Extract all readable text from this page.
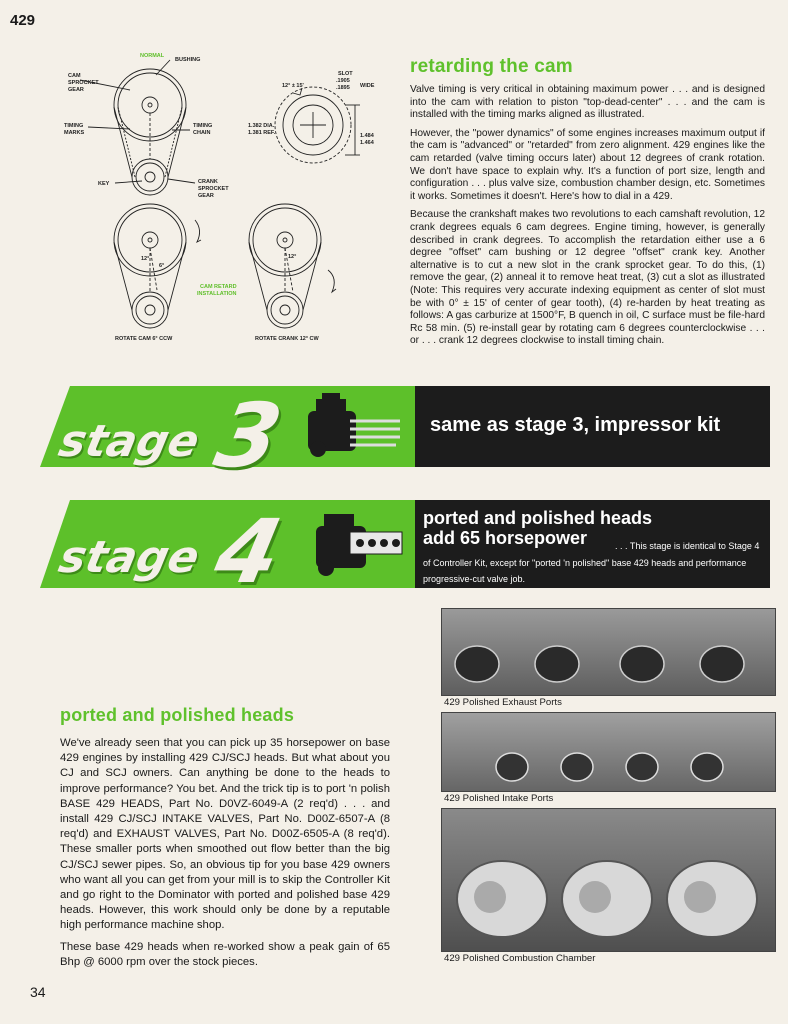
429
34
NORMAL
BUSHING
CAM
SPROCKET
GEAR
TIMING
MARKS
TIMING
CHAIN
KEY	CRANK
SPROCKET
GEAR
SLOT
.1905
.1895 WIDE
12° ± 15'
1.382 DIA.
1.381 REF.	1.484
1.464
CAM RETARD
INSTALLATION
12°
6°
12°
ROTATE CAM 6° CCW	ROTATE CRANK 12° CW
retarding the cam

Valve timing is very critical in obtaining maximum power . . . and is designed into the cam with relation to piston "top-dead-center" . . . and the cam is installed with the timing marks aligned as illustrated.

However, the "power dynamics" of some engines increases maximum output if the cam is "advanced" or "retarded" from zero alignment. 429 engines like the cam retarded (valve timing occurs later) about 12 degrees of crank rotation. We don't have space to explain why. It's a function of port size, length and configuration . . . plus valve size, combustion chamber design, etc. Sometimes it works. Sometimes it doesn't. Here's how to dial in a 429.

Because the crankshaft makes two revolutions to each camshaft revolution, 12 crank degrees equals 6 cam degrees. Engine timing, however, is generally described in crank degrees. To accomplish the retardation either use a 6 degree "offset" cam bushing or 12 degree "offset" crank key. Another alternative is to cut a new slot in the crank sprocket gear. To do this, (1) remove the gear, (2) anneal it to remove heat treat, (3) cut a slot as illustrated (Note: This requires very accurate indexing equipment as center of slot must be with 0° ± 15' of center of gear tooth), (4) re-harden by heat treating as follows: A gas carburize at 1500°F, B quench in oil, C surface must be file-hard Rc 58 min. (5) re-install gear by rotating cam 6 degrees counterclockwise . . . or . . . crank 12 degrees clockwise to install timing chain.

same as stage 3, impressor kit
stage 3
ported and polished heads
add 65 horsepower	. . . This stage is identical to Stage 4 of Controller Kit, except for "ported 'n polished" base 429 heads and performance progressive-cut valve job.
stage 4
ported and polished heads

We've already seen that you can pick up 35 horsepower on base 429 engines by installing 429 CJ/SCJ heads. But what about you CJ and SCJ owners. Can anything be done to the heads to improve performance? You bet. And the trick tip is to port 'n polish BASE 429 HEADS, Part No. D0VZ-6049-A (2 req'd) . . . and install 429 CJ/SCJ INTAKE VALVES, Part No. D00Z-6507-A (8 req'd) and EXHAUST VALVES, Part No. D00Z-6505-A (8 req'd). These smaller ports when smoothed out flow better than the big CJ/SCJ sewer pipes. So, an obvious tip for you base 429 owners who want all you can get from your mill is to skip the Controller Kit and go right to the Dominator with ported and polished base 429 heads. However, this work should only be done by a reputable high performance machine shop.

These base 429 heads when re-worked show a peak gain of 65 Bhp @ 6000 rpm over the stock pieces.

429 Polished Exhaust Ports
429 Polished Intake Ports
429 Polished Combustion Chamber
